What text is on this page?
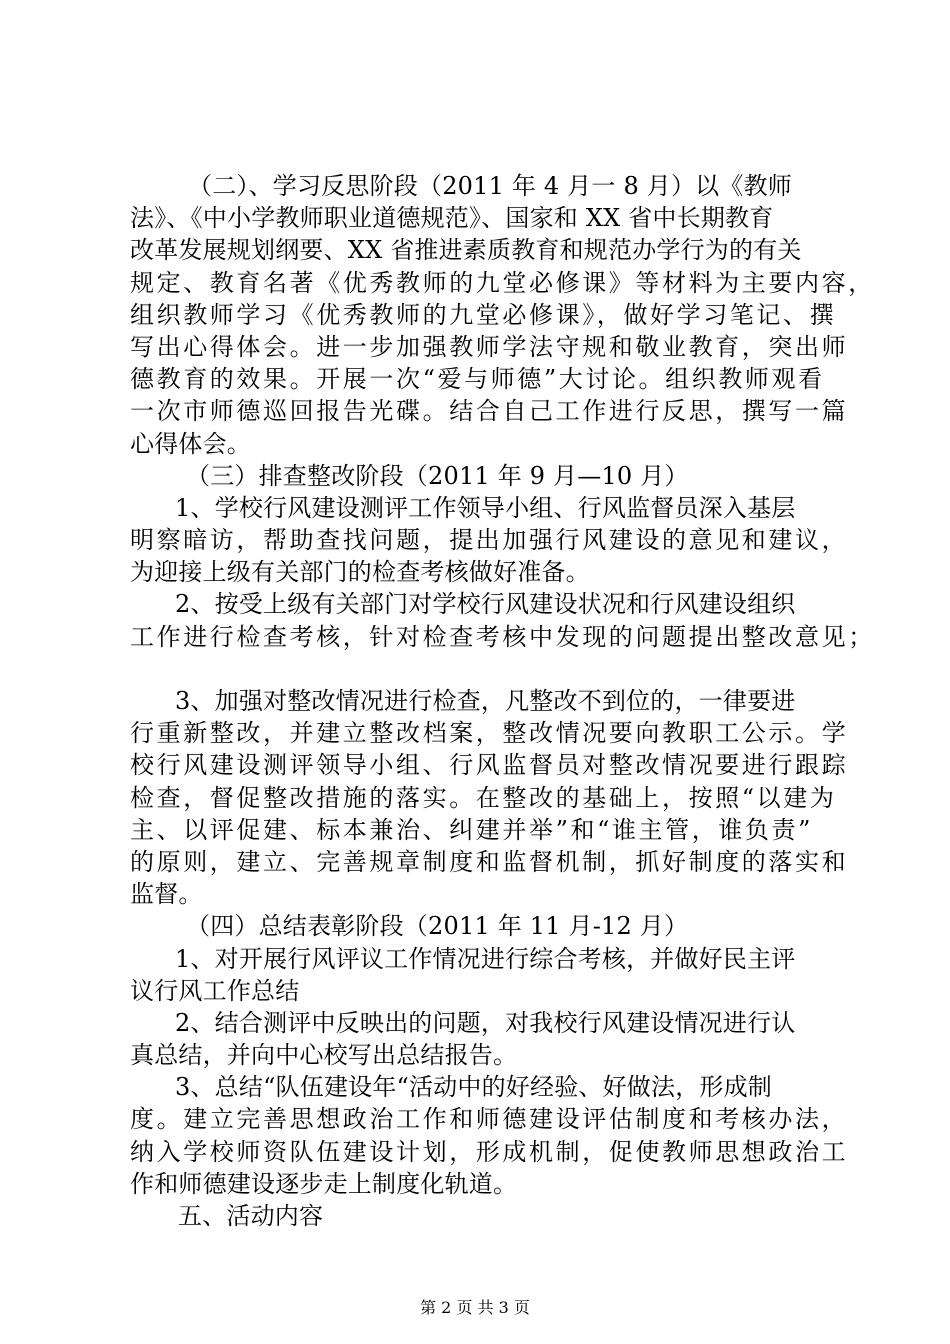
（二）、学习反思阶段（2011 年 4 月一 8 月）以《教师
法》、《中小学教师职业道德规范》、国家和 XX 省中长期教育
改革发展规划纲要、XX 省推进素质教育和规范办学行为的有关
规定、教育名著《优秀教师的九堂必修课》等材料为主要内容，
组织教师学习《优秀教师的九堂必修课》，做好学习笔记、撰
写出心得体会。进一步加强教师学法守规和敬业教育，突出师
德教育的效果。开展一次“爱与师德”大讨论。组织教师观看
一次市师德巡回报告光碟。结合自己工作进行反思，撰写一篇
心得体会。
（三）排查整改阶段（2011 年 9 月—10 月）
1、学校行风建设测评工作领导小组、行风监督员深入基层
明察暗访，帮助查找问题，提出加强行风建设的意见和建议，
为迎接上级有关部门的检查考核做好准备。
2、按受上级有关部门对学校行风建设状况和行风建设组织
工作进行检查考核，针对检查考核中发现的问题提出整改意见；
3、加强对整改情况进行检查，凡整改不到位的，一律要进
行重新整改，并建立整改档案，整改情况要向教职工公示。学
校行风建设测评领导小组、行风监督员对整改情况要进行跟踪
检查，督促整改措施的落实。在整改的基础上，按照“以建为
主、以评促建、标本兼治、纠建并举”和“谁主管，谁负责”
的原则，建立、完善规章制度和监督机制，抓好制度的落实和
监督。
（四）总结表彰阶段（2011 年 11 月-12 月）
1、对开展行风评议工作情况进行综合考核，并做好民主评
议行风工作总结
2、结合测评中反映出的问题，对我校行风建设情况进行认
真总结，并向中心校写出总结报告。
3、总结“队伍建设年“活动中的好经验、好做法，形成制
度。建立完善思想政治工作和师德建设评估制度和考核办法，
纳入学校师资队伍建设计划，形成机制，促使教师思想政治工
作和师德建设逐步走上制度化轨道。
五、活动内容
第 2 页 共 3 页
